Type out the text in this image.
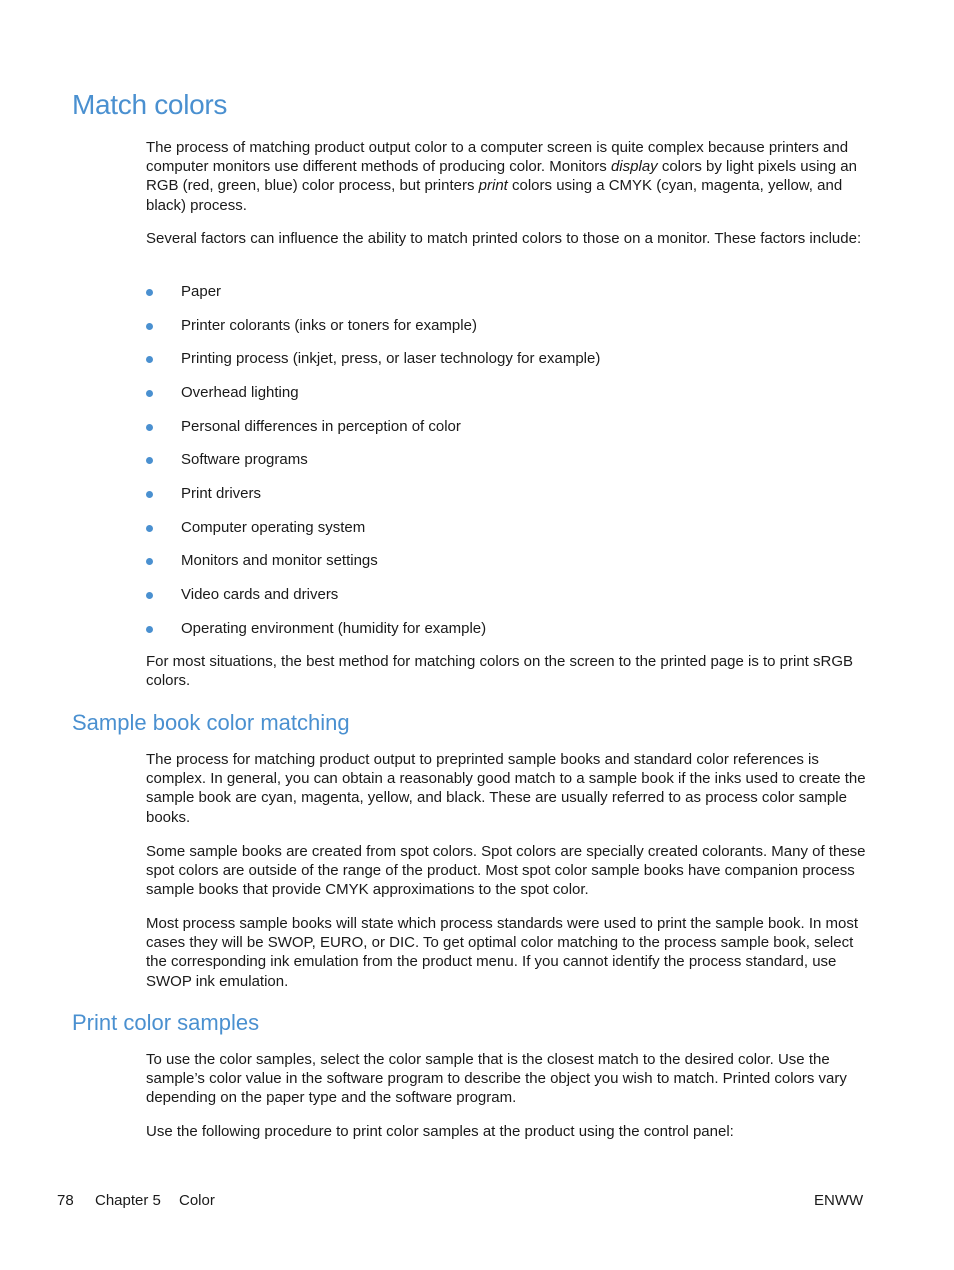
Match colors

The process of matching product output color to a computer screen is quite complex because printers and computer monitors use different methods of producing color. Monitors display colors by light pixels using an RGB (red, green, blue) color process, but printers print colors using a CMYK (cyan, magenta, yellow, and black) process.

Several factors can influence the ability to match printed colors to those on a monitor. These factors include:

Paper
Printer colorants (inks or toners for example)
Printing process (inkjet, press, or laser technology for example)
Overhead lighting
Personal differences in perception of color
Software programs
Print drivers
Computer operating system
Monitors and monitor settings
Video cards and drivers
Operating environment (humidity for example)

For most situations, the best method for matching colors on the screen to the printed page is to print sRGB colors.

Sample book color matching

The process for matching product output to preprinted sample books and standard color references is complex. In general, you can obtain a reasonably good match to a sample book if the inks used to create the sample book are cyan, magenta, yellow, and black. These are usually referred to as process color sample books.

Some sample books are created from spot colors. Spot colors are specially created colorants. Many of these spot colors are outside of the range of the product. Most spot color sample books have companion process sample books that provide CMYK approximations to the spot color.

Most process sample books will state which process standards were used to print the sample book. In most cases they will be SWOP, EURO, or DIC. To get optimal color matching to the process sample book, select the corresponding ink emulation from the product menu. If you cannot identify the process standard, use SWOP ink emulation.

Print color samples

To use the color samples, select the color sample that is the closest match to the desired color. Use the sample’s color value in the software program to describe the object you wish to match. Printed colors vary depending on the paper type and the software program.

Use the following procedure to print color samples at the product using the control panel:

78 Chapter 5 Color	ENWW
